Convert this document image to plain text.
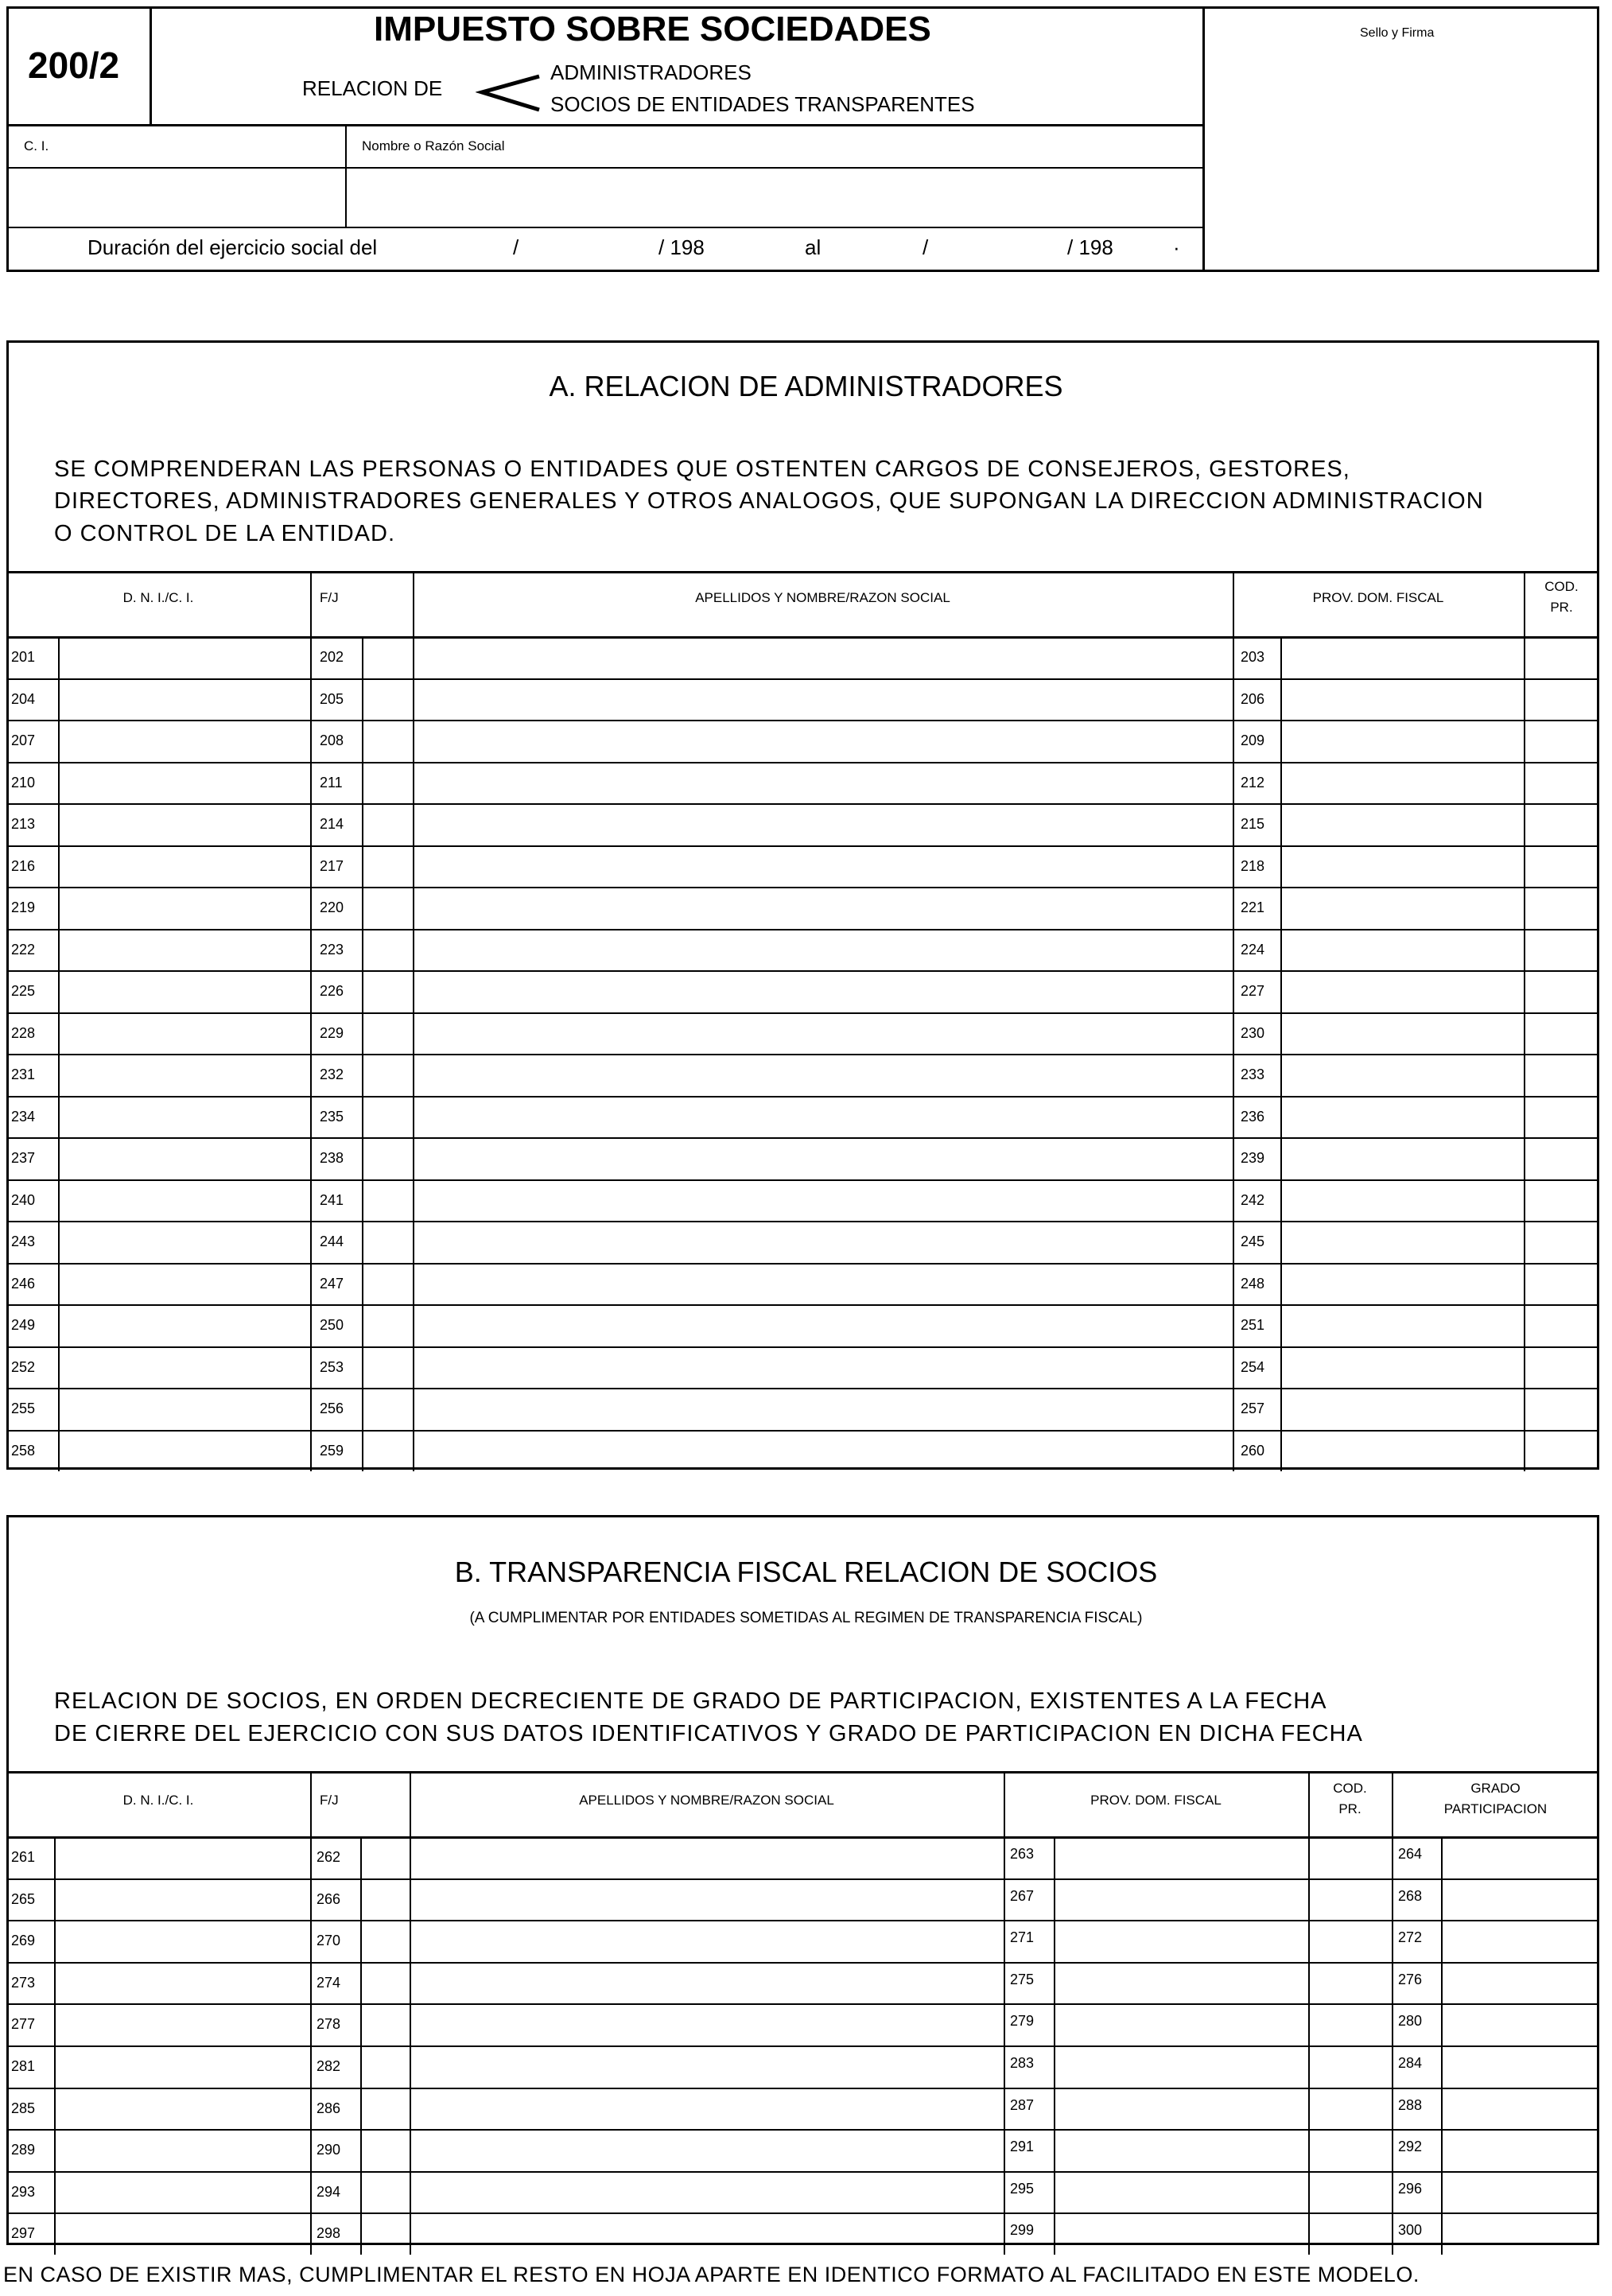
200/2
IMPUESTO SOBRE SOCIEDADES
RELACION DE
ADMINISTRADORES
SOCIOS DE ENTIDADES TRANSPARENTES
Sello y Firma
C. I.	Nombre o Razón Social
Duración del ejercicio social del	/	/ 198	al	/	/ 198	·
A. RELACION DE ADMINISTRADORES
SE COMPRENDERAN LAS PERSONAS O ENTIDADES QUE OSTENTEN CARGOS DE CONSEJEROS, GESTORES,
DIRECTORES, ADMINISTRADORES GENERALES Y OTROS ANALOGOS, QUE SUPONGAN LA DIRECCION ADMINISTRACION
O CONTROL DE LA ENTIDAD.
B. TRANSPARENCIA FISCAL RELACION DE SOCIOS
(A CUMPLIMENTAR POR ENTIDADES SOMETIDAS AL REGIMEN DE TRANSPARENCIA FISCAL)
RELACION DE SOCIOS, EN ORDEN DECRECIENTE DE GRADO DE PARTICIPACION, EXISTENTES A LA FECHA
DE CIERRE DEL EJERCICIO CON SUS DATOS IDENTIFICATIVOS Y GRADO DE PARTICIPACION EN DICHA FECHA
EN CASO DE EXISTIR MAS, CUMPLIMENTAR EL RESTO EN HOJA APARTE EN IDENTICO FORMATO AL FACILITADO EN ESTE MODELO.
D. N. I./C. I.	F/J	APELLIDOS Y NOMBRE/RAZON SOCIAL	PROV. DOM. FISCAL
COD.
PR.
201	202	203
204	205	206
207	208	209
210	211	212
213	214	215
216	217	218
219	220	221
222	223	224
225	226	227
228	229	230
231	232	233
234	235	236
237	238	239
240	241	242
243	244	245
246	247	248
249	250	251
252	253	254
255	256	257
258	259	260
D. N. I./C. I.	F/J	APELLIDOS Y NOMBRE/RAZON SOCIAL	PROV. DOM. FISCAL
COD.
PR.
GRADO
PARTICIPACION
261	262	263	264
265	266	267	268
269	270	271	272
273	274	275	276
277	278	279	280
281	282	283	284
285	286	287	288
289	290	291	292
293	294	295	296
297	298	299	300
